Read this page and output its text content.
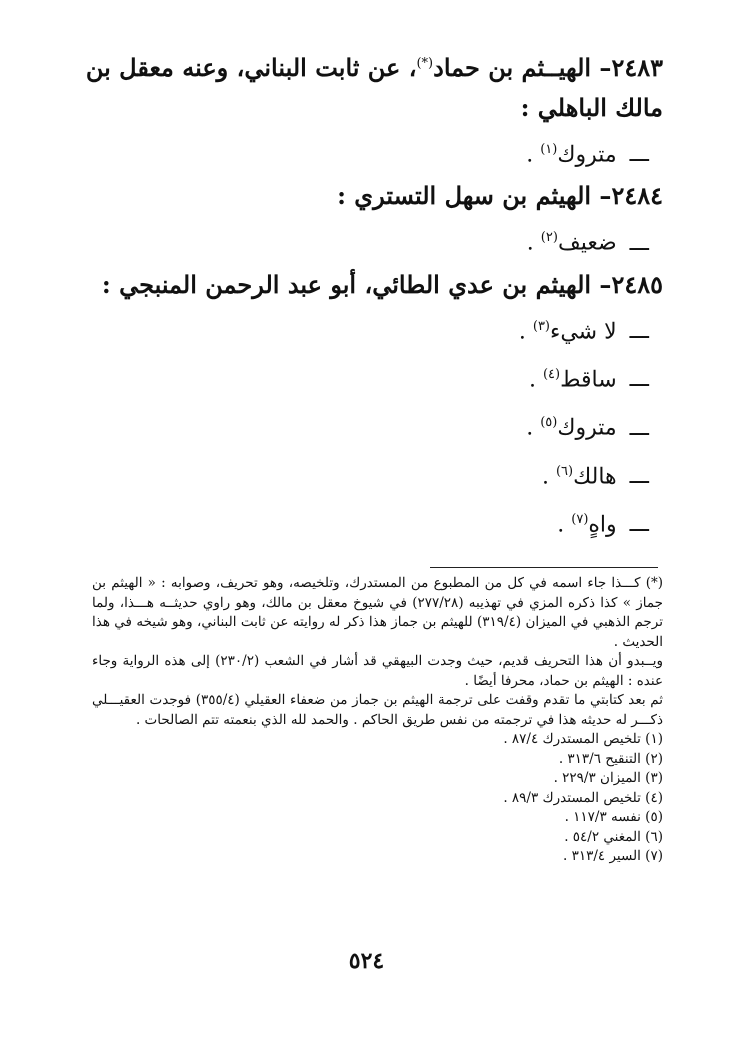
٢٤٨٣– الهيــثم بن حماد(*)، عن ثابت البناني، وعنه معقل بن مالك الباهلي :

ـــ متروك$^{(١)}$ .

٢٤٨٤– الهيثم بن سهل التستري :

ـــ ضعيف$^{(٢)}$ .

٢٤٨٥– الهيثم بن عدي الطائي، أبو عبد الرحمن المنبجي :

ـــ لا شيء$^{(٣)}$ .

ـــ ساقط$^{(٤)}$ .

ـــ متروك$^{(٥)}$ .

ـــ هالك$^{(٦)}$ .

ـــ واهٍ$^{(٧)}$ .

(*) كـــذا جاء اسمه في كل من المطبوع من المستدرك، وتلخيصه، وهو تحريف، وصوابه : « الهيثم بن جماز » كذا ذكره المزي في تهذيبه (٢٧٧/٢٨) في شيوخ معقل بن مالك، وهو راوي حديثــه هـــذا، ولما ترجم الذهبي في الميزان (٣١٩/٤) للهيثم بن جماز هذا ذكر له روايته عن ثابت البناني، وهو شيخه في هذا الحديث .

ويــبدو أن هذا التحريف قديم، حيث وجدت البيهقي قد أشار في الشعب (٢٣٠/٢) إلى هذه الرواية وجاء عنده : الهيثم بن حماد، محرفا أيضًا .

ثم بعد كتابتي ما تقدم وقفت على ترجمة الهيثم بن جماز من ضعفاء العقيلي (٣٥٥/٤) فوجدت العقيـــلي ذكـــر له حديثه هذا في ترجمته من نفس طريق الحاكم . والحمد لله الذي بنعمته تتم الصالحات .

(١) تلخيص المستدرك ٨٧/٤ .

(٢) التنقيح ٣١٣/٦ .

(٣) الميزان ٢٢٩/٣ .

(٤) تلخيص المستدرك ٨٩/٣ .

(٥) نفسه ١١٧/٣ .

(٦) المغني ٥٤/٢ .

(٧) السير ٣١٣/٤ .

٥٢٤
